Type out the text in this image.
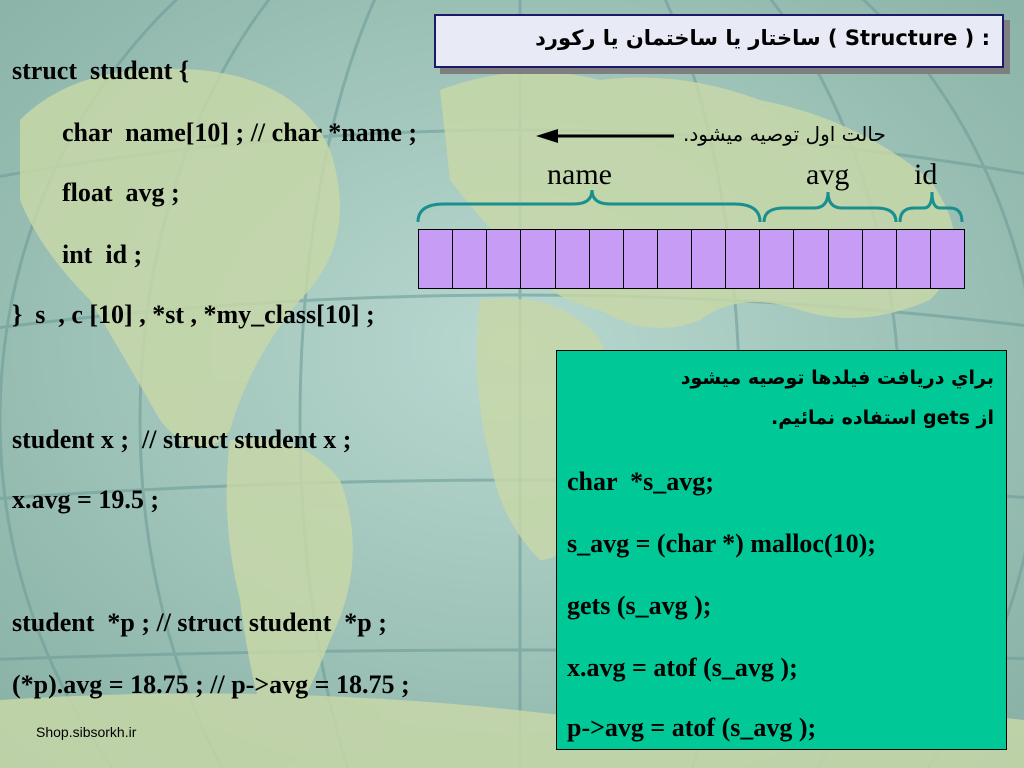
: ( Structure ) ساختار يا ساختمان يا ركورد
struct  student {
char  name[10] ; // char *name ;
float  avg ;
int  id ;
}  s  , c [10] , *st , *my_class[10] ;
student x ;  // struct student x ;
x.avg = 19.5 ;
student  *p ; // struct student  *p ;
(*p).avg = 18.75 ; // p->avg = 18.75 ;
حالت اول توصيه ميشود.
name	avg id
براي دريافت فيلدها توصيه ميشود
از gets استفاده نمائيم.
char  *s_avg;
s_avg = (char *) malloc(10);
gets (s_avg );
x.avg = atof (s_avg );
p->avg = atof (s_avg );
Shop.sibsorkh.ir
